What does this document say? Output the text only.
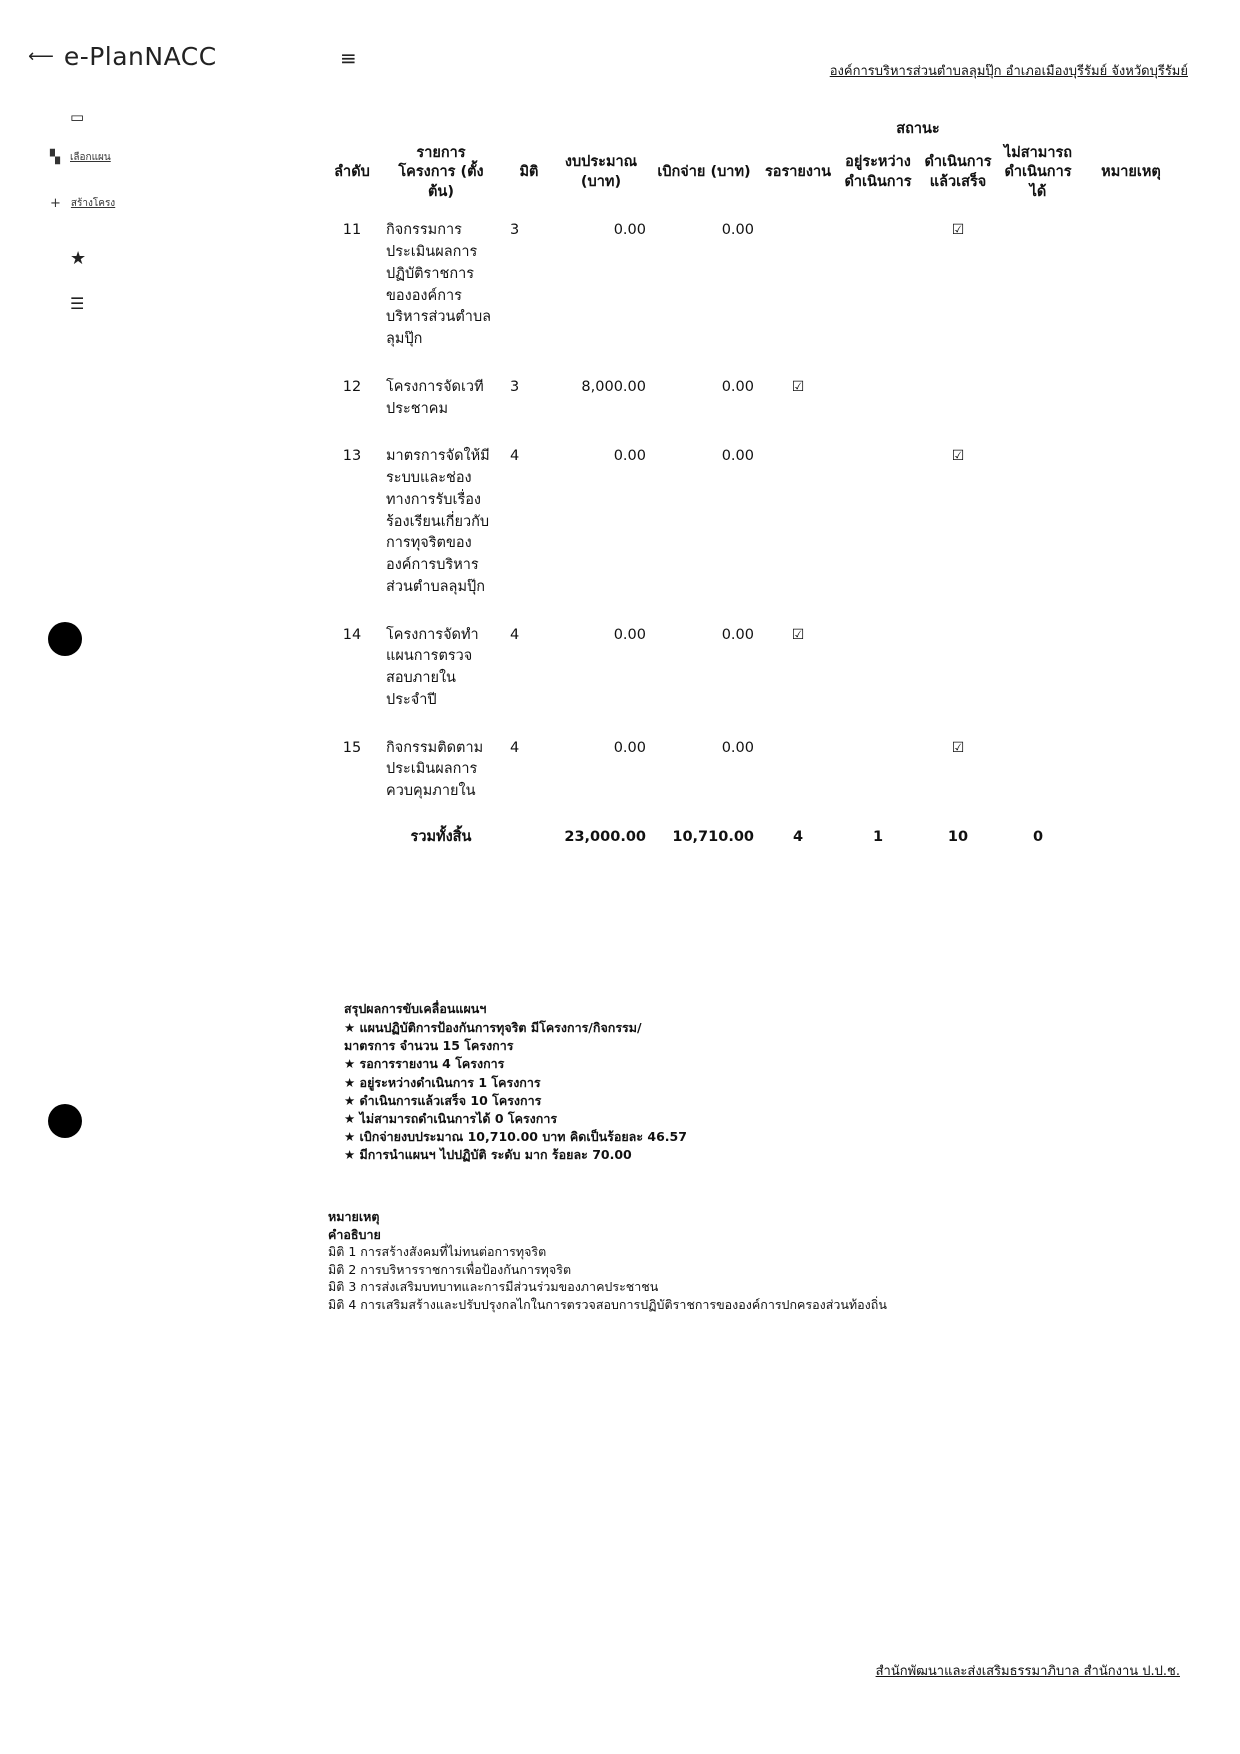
⟵ e-PlanNACC	≡
องค์การบริหารส่วนตำบลลุมปุ๊ก อำเภอเมืองบุรีรัมย์ จังหวัดบุรีรัมย์
▭
▚ เลือกแผน
+ สร้างโครง
★
☰
					สถานะ				
ลำดับ	รายการ โครงการ (ตั้งต้น)	มิติ	งบประมาณ (บาท)	เบิกจ่าย (บาท)	รอรายงาน	อยู่ระหว่างดำเนินการ	ดำเนินการแล้วเสร็จ	ไม่สามารถดำเนินการได้	หมายเหตุ
11	กิจกรรมการประเมินผลการปฏิบัติราชการขององค์การบริหารส่วนตำบลลุมปุ๊ก	3	0.00	0.00			☑		
12	โครงการจัดเวทีประชาคม	3	8,000.00	0.00	☑				
13	มาตรการจัดให้มีระบบและช่องทางการรับเรื่องร้องเรียนเกี่ยวกับการทุจริตขององค์การบริหารส่วนตำบลลุมปุ๊ก	4	0.00	0.00			☑		
14	โครงการจัดทำแผนการตรวจสอบภายในประจำปี	4	0.00	0.00	☑				
15	กิจกรรมติดตามประเมินผลการควบคุมภายใน	4	0.00	0.00			☑		
	รวมทั้งสิ้น		23,000.00	10,710.00	4	1	10	0	
สรุปผลการขับเคลื่อนแผนฯ
★ แผนปฏิบัติการป้องกันการทุจริต มีโครงการ/กิจกรรม/
มาตรการ จำนวน 15 โครงการ
★ รอการรายงาน 4 โครงการ
★ อยู่ระหว่างดำเนินการ 1 โครงการ
★ ดำเนินการแล้วเสร็จ 10 โครงการ
★ ไม่สามารถดำเนินการได้ 0 โครงการ
★ เบิกจ่ายงบประมาณ 10,710.00 บาท คิดเป็นร้อยละ 46.57
★ มีการนำแผนฯ ไปปฏิบัติ ระดับ มาก ร้อยละ 70.00
หมายเหตุ
คำอธิบาย
มิติ 1 การสร้างสังคมที่ไม่ทนต่อการทุจริต
มิติ 2 การบริหารราชการเพื่อป้องกันการทุจริต
มิติ 3 การส่งเสริมบทบาทและการมีส่วนร่วมของภาคประชาชน
มิติ 4 การเสริมสร้างและปรับปรุงกลไกในการตรวจสอบการปฏิบัติราชการขององค์การปกครองส่วนท้องถิ่น
สำนักพัฒนาและส่งเสริมธรรมาภิบาล สำนักงาน ป.ป.ช.
